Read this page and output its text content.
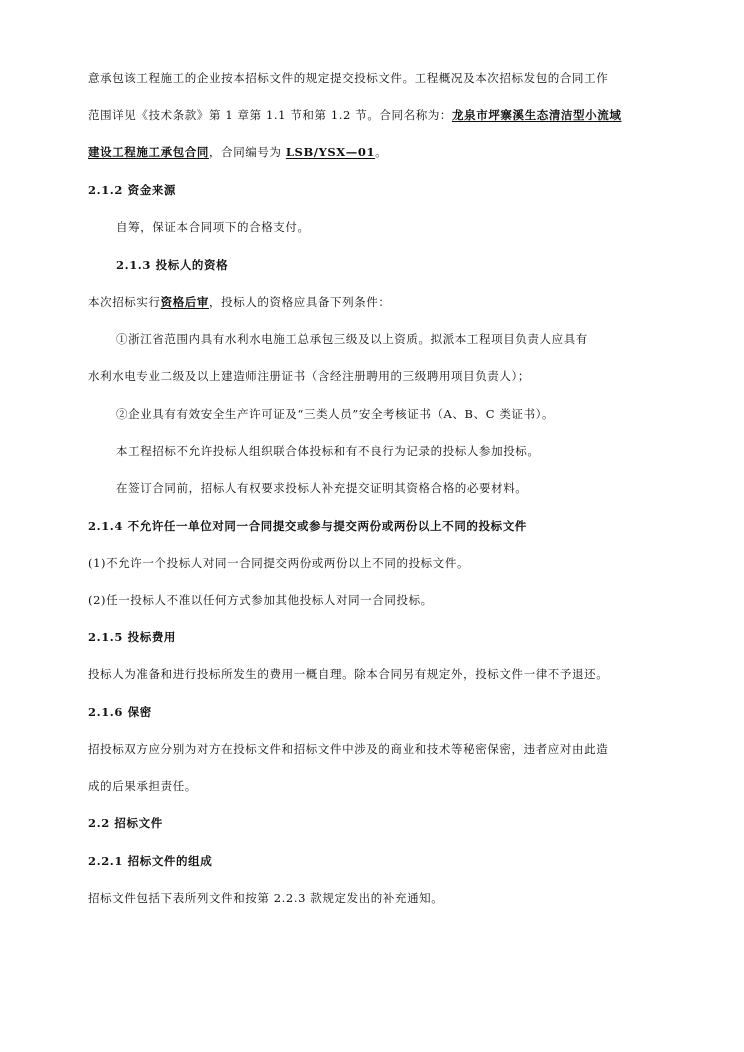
意承包该工程施工的企业按本招标文件的规定提交投标文件。工程概况及本次招标发包的合同工作
范围详见《技术条款》第 1 章第 1.1 节和第 1.2 节。合同名称为：龙泉市坪寨溪生态清洁型小流域
建设工程施工承包合同，合同编号为 LSB/YSX—01。
2.1.2 资金来源
自筹，保证本合同项下的合格支付。
2.1.3 投标人的资格
本次招标实行资格后审，投标人的资格应具备下列条件：
①浙江省范围内具有水利水电施工总承包三级及以上资质。拟派本工程项目负责人应具有
水利水电专业二级及以上建造师注册证书（含经注册聘用的三级聘用项目负责人）；
②企业具有有效安全生产许可证及“三类人员”安全考核证书（A、B、C 类证书）。
本工程招标不允许投标人组织联合体投标和有不良行为记录的投标人参加投标。
在签订合同前，招标人有权要求投标人补充提交证明其资格合格的必要材料。
2.1.4 不允许任一单位对同一合同提交或参与提交两份或两份以上不同的投标文件
(1)不允许一个投标人对同一合同提交两份或两份以上不同的投标文件。
(2)任一投标人不准以任何方式参加其他投标人对同一合同投标。
2.1.5 投标费用
投标人为准备和进行投标所发生的费用一概自理。除本合同另有规定外，投标文件一律不予退还。
2.1.6 保密
招投标双方应分别为对方在投标文件和招标文件中涉及的商业和技术等秘密保密，违者应对由此造
成的后果承担责任。
2.2 招标文件
2.2.1 招标文件的组成
招标文件包括下表所列文件和按第 2.2.3 款规定发出的补充通知。
